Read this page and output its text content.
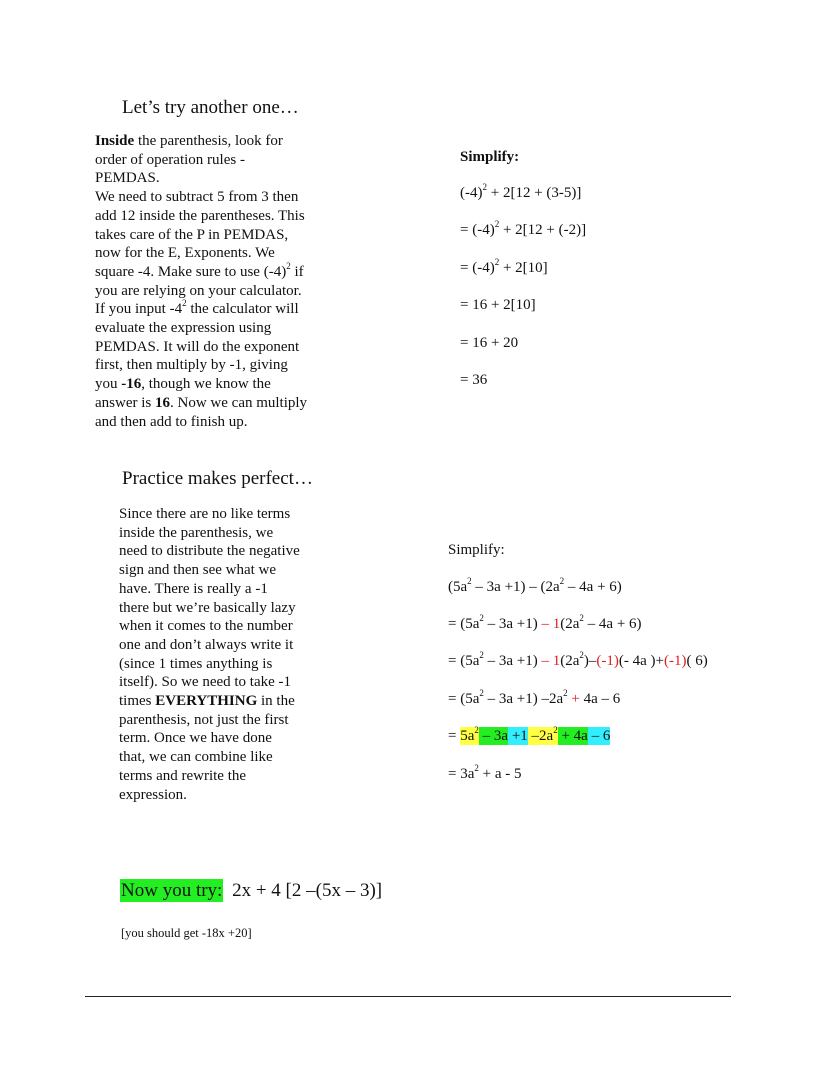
Let’s try another one…
Inside the parenthesis, look for
order of operation rules -
PEMDAS.
We need to subtract 5 from 3 then
add 12 inside the parentheses. This
takes care of the P in PEMDAS,
now for the E, Exponents. We
square -4. Make sure to use $(-4)^2$ if
you are relying on your calculator.
If you input $-4^2$ the calculator will
evaluate the expression using
PEMDAS. It will do the exponent
first, then multiply by -1, giving
you -16, though we know the
answer is 16. Now we can multiply
and then add to finish up.
Simplify:
$(-4)^2 + 2[12 + (3-5)]$
= $(-4)^2 + 2[12 + (-2)]$
= $(-4)^2 + 2[10]$
= 16 + 2[10]
= 16 + 20
= 36
Practice makes perfect…
Since there are no like terms
inside the parenthesis, we
need to distribute the negative
sign and then see what we
have. There is really a -1
there but we’re basically lazy
when it comes to the number
one and don’t always write it
(since 1 times anything is
itself). So we need to take -1
times EVERYTHING in the
parenthesis, not just the first
term. Once we have done
that, we can combine like
terms and rewrite the
expression.
Simplify:
$(5a^2 - 3a +1) - (2a^2 - 4a + 6)$
= $(5a^2 - 3a +1) - 1(2a^2 - 4a + 6)$
= $(5a^2 - 3a +1) - 1(2a^2)-(-1)(-$ 4a )+(-1)( 6)
= $(5a^2 - 3a +1) -2a^2 + 4a - 6$
= $5a^2 - 3a +1$ $-2a^2 + 4a - 6$
= $3a^2 + a - 5$
Now you try: 2x + 4 [2 –(5x – 3)]
[you should get -18x +20]
